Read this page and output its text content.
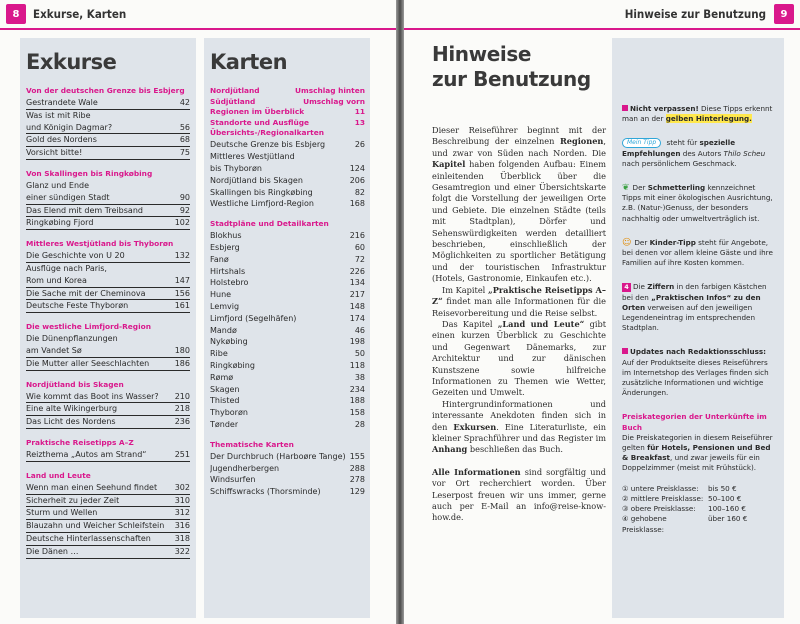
8	Exkurse, Karten
Exkurse
Von der deutschen Grenze bis Esbjerg
Gestrandete Wale	42
Was ist mit Ribe
und Königin Dagmar?	56
Gold des Nordens	68
Vorsicht bitte!	75
Von Skallingen bis Ringkøbing
Glanz und Ende
einer sündigen Stadt	90
Das Elend mit dem Treibsand	92
Ringkøbing Fjord	102
Mittleres Westjütland bis Thyborøn
Die Geschichte von U 20	132
Ausflüge nach Paris,
Rom und Korea	147
Die Sache mit der Cheminova	156
Deutsche Feste Thyborøn	161
Die westliche Limfjord-Region
Die Dünenpflanzungen
am Vandet Sø	180
Die Mutter aller Seeschlachten	186
Nordjütland bis Skagen
Wie kommt das Boot ins Wasser?	210
Eine alte Wikingerburg	218
Das Licht des Nordens	236
Praktische Reisetipps A–Z
Reizthema „Autos am Strand“	251
Land und Leute
Wenn man einen Seehund findet	302
Sicherheit zu jeder Zeit	310
Sturm und Wellen	312
Blauzahn und Weicher Schleifstein	316
Deutsche Hinterlassenschaften	318
Die Dänen …	322
Karten
Nordjütland	Umschlag hinten
Südjütland	Umschlag vorn
Regionen im Überblick	11
Standorte und Ausflüge	13
Übersichts-/Regionalkarten
Deutsche Grenze bis Esbjerg	26
Mittleres Westjütland
bis Thyborøn	124
Nordjütland bis Skagen	206
Skallingen bis Ringkøbing	82
Westliche Limfjord-Region	168
Stadtpläne und Detailkarten
Blokhus	216
Esbjerg	60
Fanø	72
Hirtshals	226
Holstebro	134
Hune	217
Lemvig	148
Limfjord (Segelhäfen)	174
Mandø	46
Nykøbing	198
Ribe	50
Ringkøbing	118
Rømø	38
Skagen	234
Thisted	188
Thyborøn	158
Tønder	28
Thematische Karten
Der Durchbruch (Harboøre Tange) 155
Jugendherbergen	288
Windsurfen	278
Schiffswracks (Thorsminde)	129
Hinweise zur Benutzung	9
Hinweise
zur Benutzung

Dieser Reiseführer beginnt mit der Beschreibung der einzelnen Regionen, und zwar von Süden nach Norden. Die Kapitel haben folgenden Aufbau: Einem einleitenden Überblick über die Gesamtregion und einer Übersichtskarte folgt die Vorstellung der jeweiligen Orte und Gebiete. Die einzelnen Städte (teils mit Stadtplan), Dörfer und Sehenswürdigkeiten werden detailliert beschrieben, einschließlich der Möglichkeiten zu sportlicher Betätigung und der touristischen Infrastruktur (Hotels, Gastronomie, Einkaufen etc.).

Im Kapitel „Praktische Reisetipps A–Z“ findet man alle Informationen für die Reisevorbereitung und die Reise selbst.

Das Kapitel „Land und Leute“ gibt einen kurzen Überblick zu Geschichte und Gegenwart Dänemarks, zur Architektur und zur dänischen Kunstszene sowie hilfreiche Informationen zu Themen wie Wetter, Gezeiten und Umwelt.

Hintergrundinformationen und interessante Anekdoten finden sich in den Exkursen. Eine Literaturliste, ein kleiner Sprachführer und das Register im Anhang beschließen das Buch.

Alle Informationen sind sorgfältig und vor Ort recherchiert worden. Über Leserpost freuen wir uns immer, gerne auch per E-Mail an info@reise-know-how.de.

Nicht verpassen! Diese Tipps erkennt man an der gelben Hinterlegung.
Mein Tipp steht für spezielle Empfehlungen des Autors Thilo Scheu nach persönlichem Geschmack.
❦ Der Schmetterling kennzeichnet Tipps mit einer ökologischen Ausrichtung, z.B. (Natur-)Genuss, der besonders nachhaltig oder umweltverträglich ist.
☺ Der Kinder-Tipp steht für Angebote, bei denen vor allem kleine Gäste und ihre Familien auf ihre Kosten kommen.
4 Die Ziffern in den farbigen Kästchen bei den „Praktischen Infos“ zu den Orten verweisen auf den jeweiligen Legendeneintrag im entsprechenden Stadtplan.
Updates nach Redaktionsschluss: Auf der Produktseite dieses Reiseführers im Internetshop des Verlages finden sich zusätzliche Informationen und wichtige Änderungen.
Preiskategorien der Unterkünfte im Buch
Die Preiskategorien in diesem Reiseführer gelten für Hotels, Pensionen und Bed & Breakfast, und zwar jeweils für ein Doppelzimmer (meist mit Frühstück).
① untere Preisklasse:	bis 50 €
② mittlere Preisklasse: 50–100 €
③ obere Preisklasse:	100–160 €
④ gehobene Preisklasse:
über 160 €
